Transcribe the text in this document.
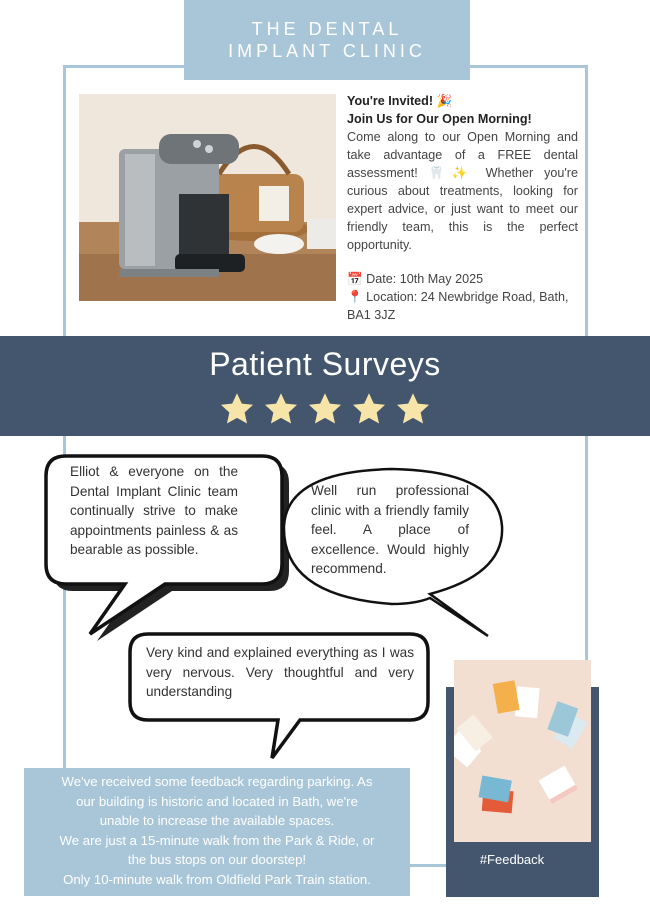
THE DENTAL
IMPLANT CLINIC
You're Invited! 🎉
Join Us for Our Open Morning!

Come along to our Open Morning and take advantage of a FREE dental assessment! 🦷✨ Whether you're curious about treatments, looking for expert advice, or just want to meet our friendly team, this is the perfect opportunity.

📅 Date: 10th May 2025
📍 Location: 24 Newbridge Road, Bath, BA1 3JZ
Patient Surveys
Elliot & everyone on the Dental Implant Clinic team continually strive to make appointments painless & as bearable as possible.
Well run professional clinic with a friendly family feel. A place of excellence. Would highly recommend.
Very kind and explained everything as I was very nervous. Very thoughtful and very understanding
#Feedback
We've received some feedback regarding parking. As
our building is historic and located in Bath, we're
unable to increase the available spaces.
We are just a 15-minute walk from the Park & Ride, or
the bus stops on our doorstep!
Only 10-minute walk from Oldfield Park Train station.
